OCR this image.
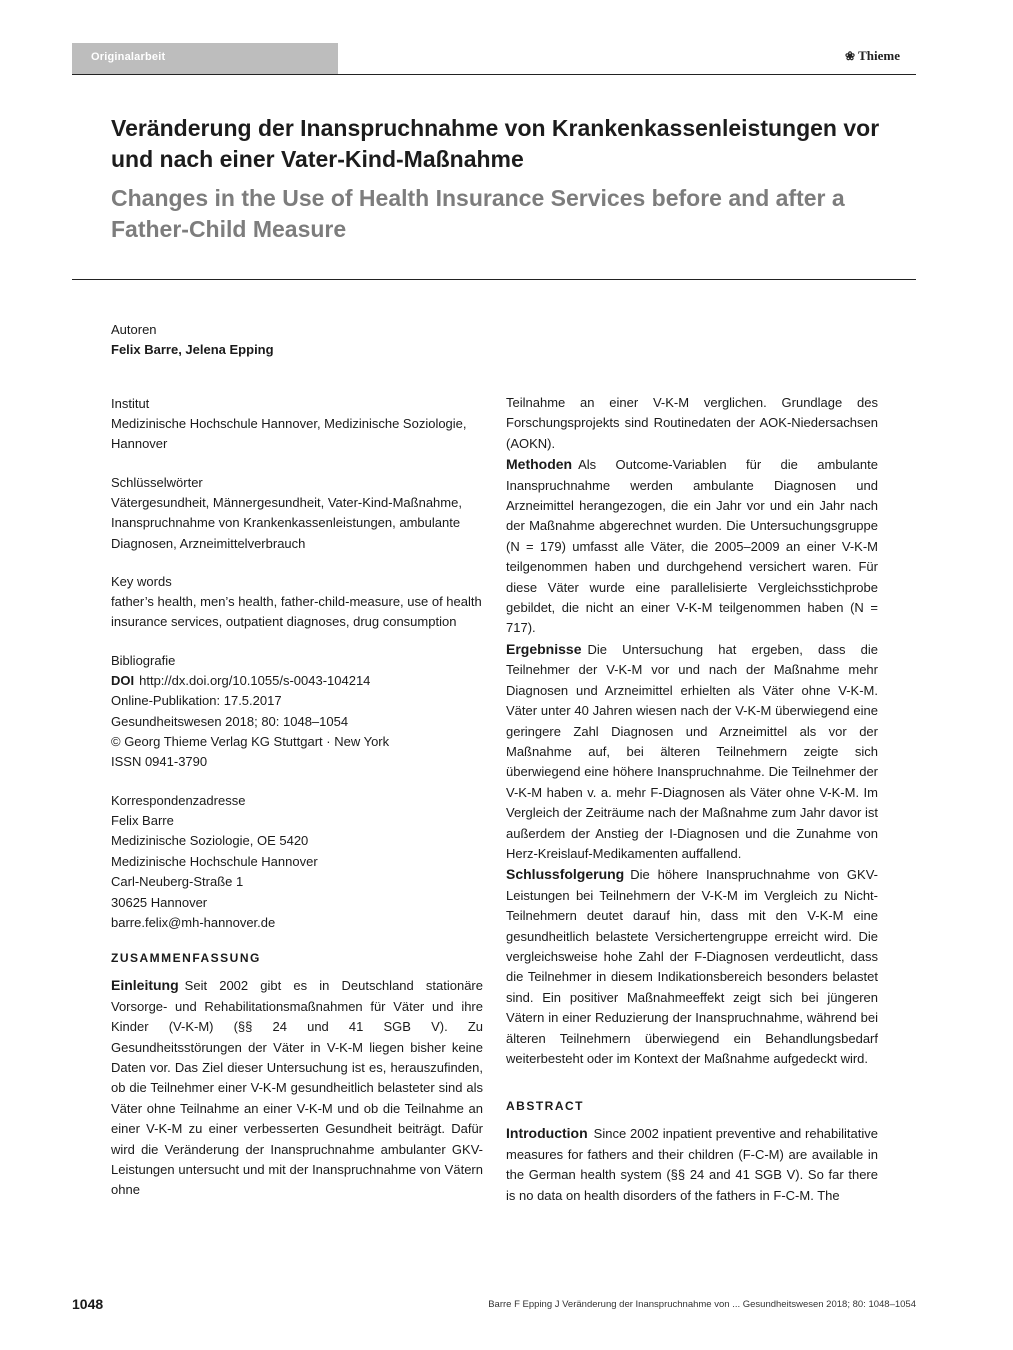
Originalarbeit	❀ Thieme
Veränderung der Inanspruchnahme von Krankenkassenleistungen vor und nach einer Vater-Kind-Maßnahme
Changes in the Use of Health Insurance Services before and after a Father-Child Measure

Autoren

Felix Barre, Jelena Epping

Institut

Medizinische Hochschule Hannover, Medizinische Soziologie, Hannover

Schlüsselwörter

Vätergesundheit, Männergesundheit, Vater-Kind-Maßnahme, Inanspruchnahme von Krankenkassenleistungen, ambulante Diagnosen, Arzneimittelverbrauch

Key words

father’s health, men’s health, father-child-measure, use of health insurance services, outpatient diagnoses, drug consumption

Bibliografie

DOI http://dx.doi.org/10.1055/s-0043-104214

Online-Publikation: 17.5.2017

Gesundheitswesen 2018; 80: 1048–1054

© Georg Thieme Verlag KG Stuttgart · New York

ISSN 0941-3790

Korrespondenzadresse

Felix Barre

Medizinische Soziologie, OE 5420

Medizinische Hochschule Hannover

Carl-Neuberg-Straße 1

30625 Hannover

barre.felix@mh-hannover.de

ZUSAMMENFASSUNG

Einleitung Seit 2002 gibt es in Deutschland stationäre Vorsorge- und Rehabilitationsmaßnahmen für Väter und ihre Kinder (V-K-M) (§§ 24 und 41 SGB V). Zu Gesundheitsstörungen der Väter in V-K-M liegen bisher keine Daten vor. Das Ziel dieser Untersuchung ist es, herauszufinden, ob die Teilnehmer einer V-K-M gesundheitlich belasteter sind als Väter ohne Teilnahme an einer V-K-M und ob die Teilnahme an einer V-K-M zu einer verbesserten Gesundheit beiträgt. Dafür wird die Veränderung der Inanspruchnahme ambulanter GKV-Leistungen untersucht und mit der Inanspruchnahme von Vätern ohne

Teilnahme an einer V-K-M verglichen. Grundlage des Forschungsprojekts sind Routinedaten der AOK-Niedersachsen (AOKN).

Methoden Als Outcome-Variablen für die ambulante Inanspruchnahme werden ambulante Diagnosen und Arzneimittel herangezogen, die ein Jahr vor und ein Jahr nach der Maßnahme abgerechnet wurden. Die Untersuchungsgruppe (N = 179) umfasst alle Väter, die 2005–2009 an einer V-K-M teilgenommen haben und durchgehend versichert waren. Für diese Väter wurde eine parallelisierte Vergleichsstichprobe gebildet, die nicht an einer V-K-M teilgenommen haben (N = 717).

Ergebnisse Die Untersuchung hat ergeben, dass die Teilnehmer der V-K-M vor und nach der Maßnahme mehr Diagnosen und Arzneimittel erhielten als Väter ohne V-K-M. Väter unter 40 Jahren wiesen nach der V-K-M überwiegend eine geringere Zahl Diagnosen und Arzneimittel als vor der Maßnahme auf, bei älteren Teilnehmern zeigte sich überwiegend eine höhere Inanspruchnahme. Die Teilnehmer der V-K-M haben v. a. mehr F-Diagnosen als Väter ohne V-K-M. Im Vergleich der Zeiträume nach der Maßnahme zum Jahr davor ist außerdem der Anstieg der I-Diagnosen und die Zunahme von Herz-Kreislauf-Medikamenten auffallend.

Schlussfolgerung Die höhere Inanspruchnahme von GKV-Leistungen bei Teilnehmern der V-K-M im Vergleich zu Nicht-Teilnehmern deutet darauf hin, dass mit den V-K-M eine gesundheitlich belastete Versichertengruppe erreicht wird. Die vergleichsweise hohe Zahl der F-Diagnosen verdeutlicht, dass die Teilnehmer in diesem Indikationsbereich besonders belastet sind. Ein positiver Maßnahmeeffekt zeigt sich bei jüngeren Vätern in einer Reduzierung der Inanspruchnahme, während bei älteren Teilnehmern überwiegend ein Behandlungsbedarf weiterbesteht oder im Kontext der Maßnahme aufgedeckt wird.

ABSTRACT

Introduction Since 2002 inpatient preventive and rehabilitative measures for fathers and their children (F-C-M) are available in the German health system (§§ 24 and 41 SGB V). So far there is no data on health disorders of the fathers in F-C-M. The

1048	Barre F Epping J Veränderung der Inanspruchnahme von ... Gesundheitswesen 2018; 80: 1048–1054
